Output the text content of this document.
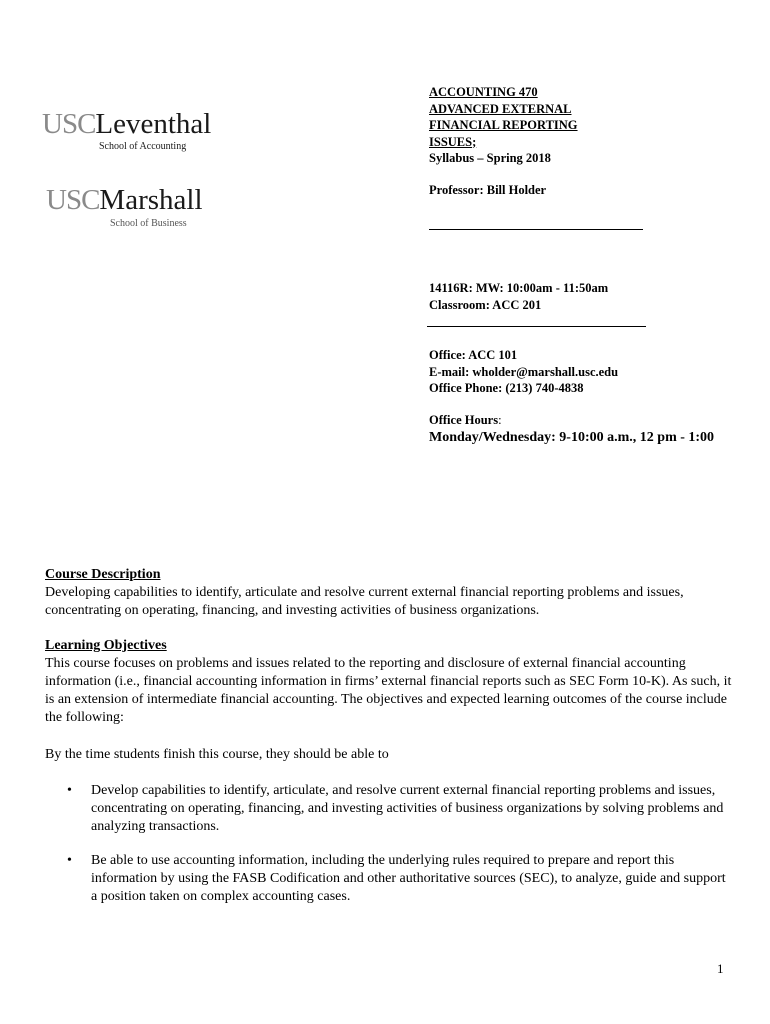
USCLeventhal
School of Accounting
USCMarshall
School of Business
ACCOUNTING 470
ADVANCED EXTERNAL
FINANCIAL REPORTING
ISSUES;
Syllabus – Spring 2018
Professor: Bill Holder
14116R: MW: 10:00am - 11:50am
Classroom: ACC 201
Office: ACC 101
E-mail: wholder@marshall.usc.edu
Office Phone: (213) 740-4838
Office Hours:
Monday/Wednesday: 9-10:00 a.m., 12 pm - 1:00
Course Description

Developing capabilities to identify, articulate and resolve current external financial reporting problems and issues, concentrating on operating, financing, and investing activities of business organizations.

Learning Objectives

This course focuses on problems and issues related to the reporting and disclosure of external financial accounting information (i.e., financial accounting information in firms’ external financial reports such as SEC Form 10-K). As such, it is an extension of intermediate financial accounting. The objectives and expected learning outcomes of the course include the following:

By the time students finish this course, they should be able to

• Develop capabilities to identify, articulate, and resolve current external financial reporting problems and issues, concentrating on operating, financing, and investing activities of business organizations by solving problems and analyzing transactions.
• Be able to use accounting information, including the underlying rules required to prepare and report this information by using the FASB Codification and other authoritative sources (SEC), to analyze, guide and support a position taken on complex accounting cases.
1
